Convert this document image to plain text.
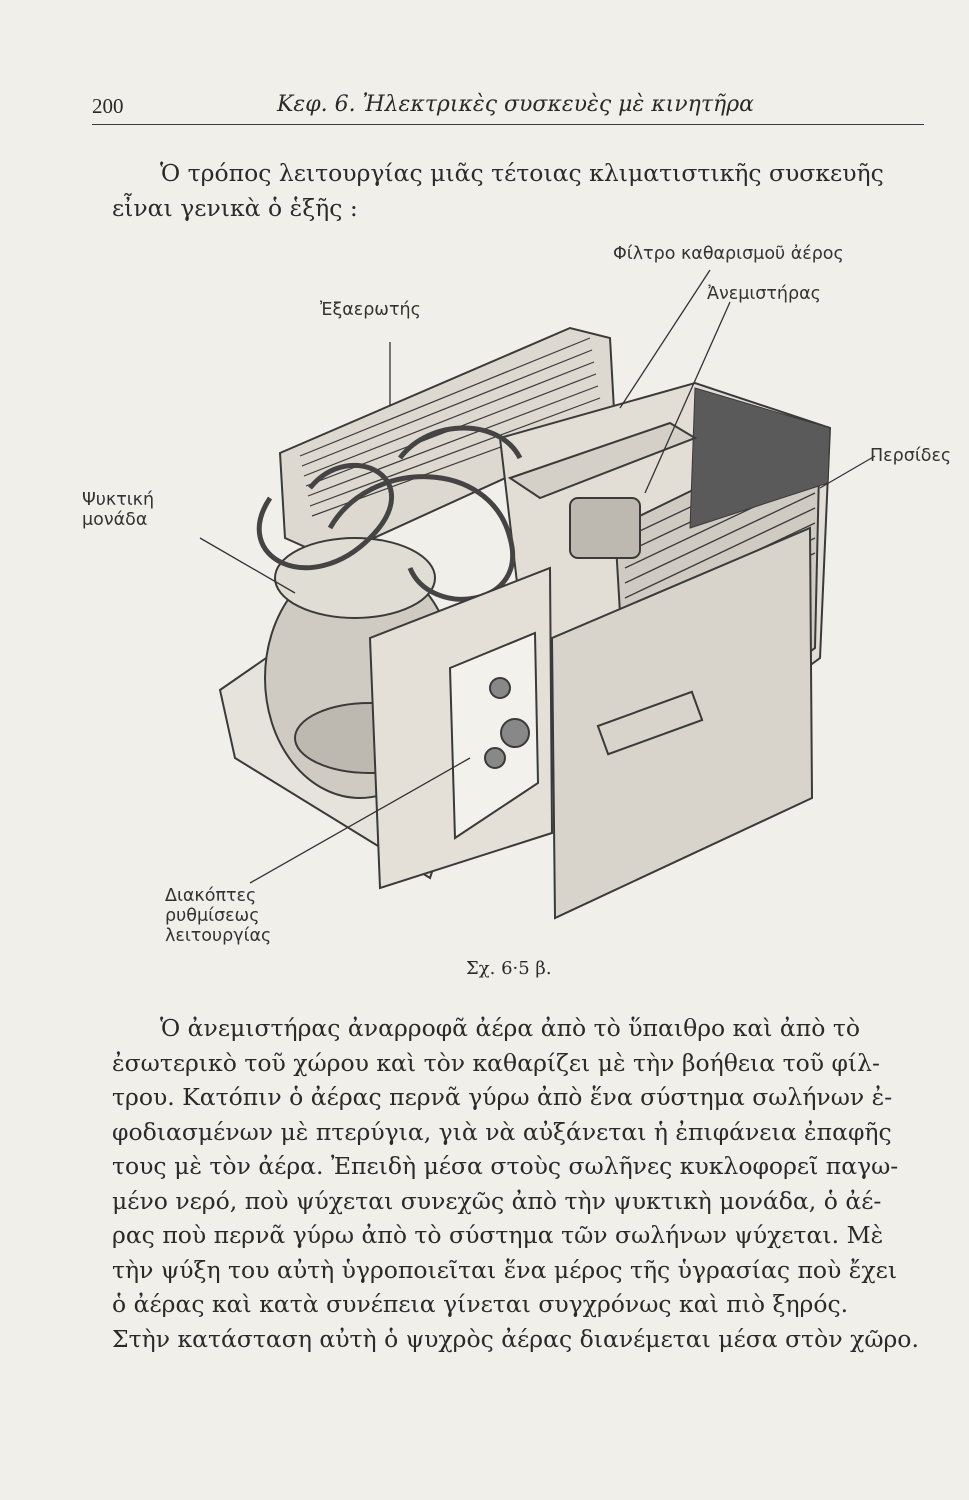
200	Κεφ. 6. Ἠλεκτρικὲς συσκευὲς μὲ κινητῆρα
Ὁ τρόπος λειτουργίας μιᾶς τέτοιας κλιματιστικῆς συσκευῆς
εἶναι γενικὰ ὁ ἑξῆς :
Φίλτρο καθαρισμοῦ ἀέρος
Ἐξαερωτής
Ἀνεμιστήρας
Περσίδες
Ψυκτική
μονάδα
Διακόπτες
ρυθμίσεως
λειτουργίας
Σχ. 6·5 β.
Ὁ ἀνεμιστήρας ἀναρροφᾶ ἀέρα ἀπὸ τὸ ὕπαιθρο καὶ ἀπὸ τὸ
ἐσωτερικὸ τοῦ χώρου καὶ τὸν καθαρίζει μὲ τὴν βοήθεια τοῦ φίλ-
τρου. Κατόπιν ὁ ἀέρας περνᾶ γύρω ἀπὸ ἕνα σύστημα σωλήνων ἐ-
φοδιασμένων μὲ πτερύγια, γιὰ νὰ αὐξάνεται ἡ ἐπιφάνεια ἐπαφῆς
τους μὲ τὸν ἀέρα. Ἐπειδὴ μέσα στοὺς σωλῆνες κυκλοφορεῖ παγω-
μένο νερό, ποὺ ψύχεται συνεχῶς ἀπὸ τὴν ψυκτικὴ μονάδα, ὁ ἀέ-
ρας ποὺ περνᾶ γύρω ἀπὸ τὸ σύστημα τῶν σωλήνων ψύχεται. Μὲ
τὴν ψύξη του αὐτὴ ὑγροποιεῖται ἕνα μέρος τῆς ὑγρασίας ποὺ ἔχει
ὁ ἀέρας καὶ κατὰ συνέπεια γίνεται συγχρόνως καὶ πιὸ ξηρός.
Στὴν κατάσταση αὐτὴ ὁ ψυχρὸς ἀέρας διανέμεται μέσα στὸν χῶρο.
